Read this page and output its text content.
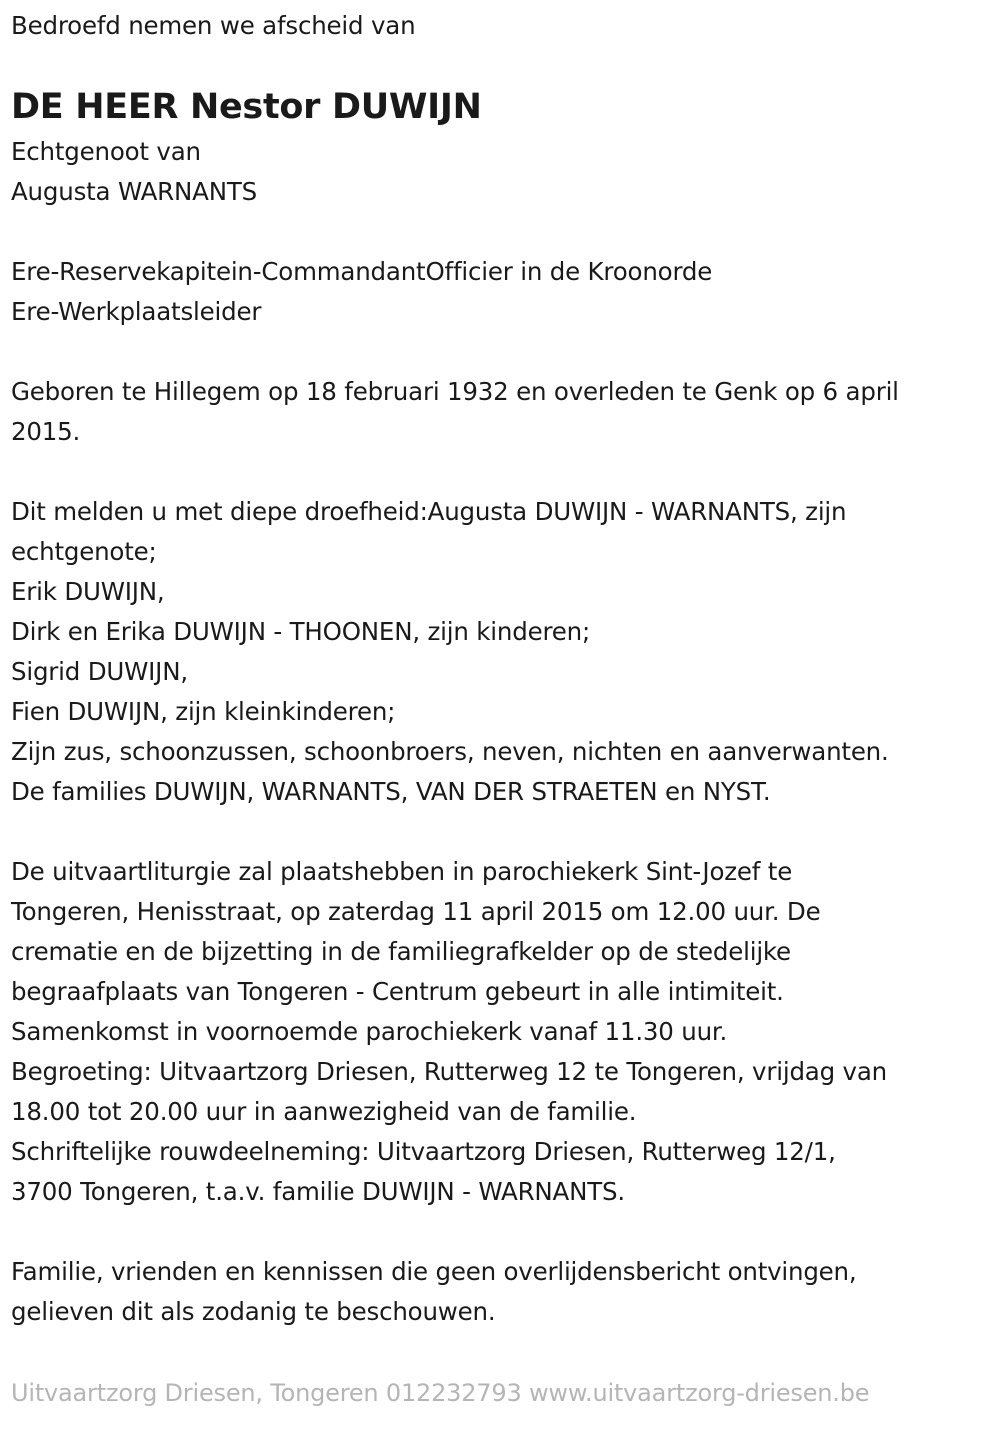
Bedroefd nemen we afscheid van
DE HEER Nestor DUWIJN
Echtgenoot van
Augusta WARNANTS
Ere-Reservekapitein-CommandantOfficier in de Kroonorde
Ere-Werkplaatsleider
Geboren te Hillegem op 18 februari 1932 en overleden te Genk op 6 april
2015.
Dit melden u met diepe droefheid:Augusta DUWIJN - WARNANTS, zijn
echtgenote;
Erik DUWIJN,
Dirk en Erika DUWIJN - THOONEN, zijn kinderen;
Sigrid DUWIJN,
Fien DUWIJN, zijn kleinkinderen;
Zijn zus, schoonzussen, schoonbroers, neven, nichten en aanverwanten.
De families DUWIJN, WARNANTS, VAN DER STRAETEN en NYST.
De uitvaartliturgie zal plaatshebben in parochiekerk Sint-Jozef te
Tongeren, Henisstraat, op zaterdag 11 april 2015 om 12.00 uur. De
crematie en de bijzetting in de familiegrafkelder op de stedelijke
begraafplaats van Tongeren - Centrum gebeurt in alle intimiteit.
Samenkomst in voornoemde parochiekerk vanaf 11.30 uur.
Begroeting: Uitvaartzorg Driesen, Rutterweg 12 te Tongeren, vrijdag van
18.00 tot 20.00 uur in aanwezigheid van de familie.
Schriftelijke rouwdeelneming: Uitvaartzorg Driesen, Rutterweg 12/1,
3700 Tongeren, t.a.v. familie DUWIJN - WARNANTS.
Familie, vrienden en kennissen die geen overlijdensbericht ontvingen,
gelieven dit als zodanig te beschouwen.
Uitvaartzorg Driesen, Tongeren 012232793 www.uitvaartzorg-driesen.be
